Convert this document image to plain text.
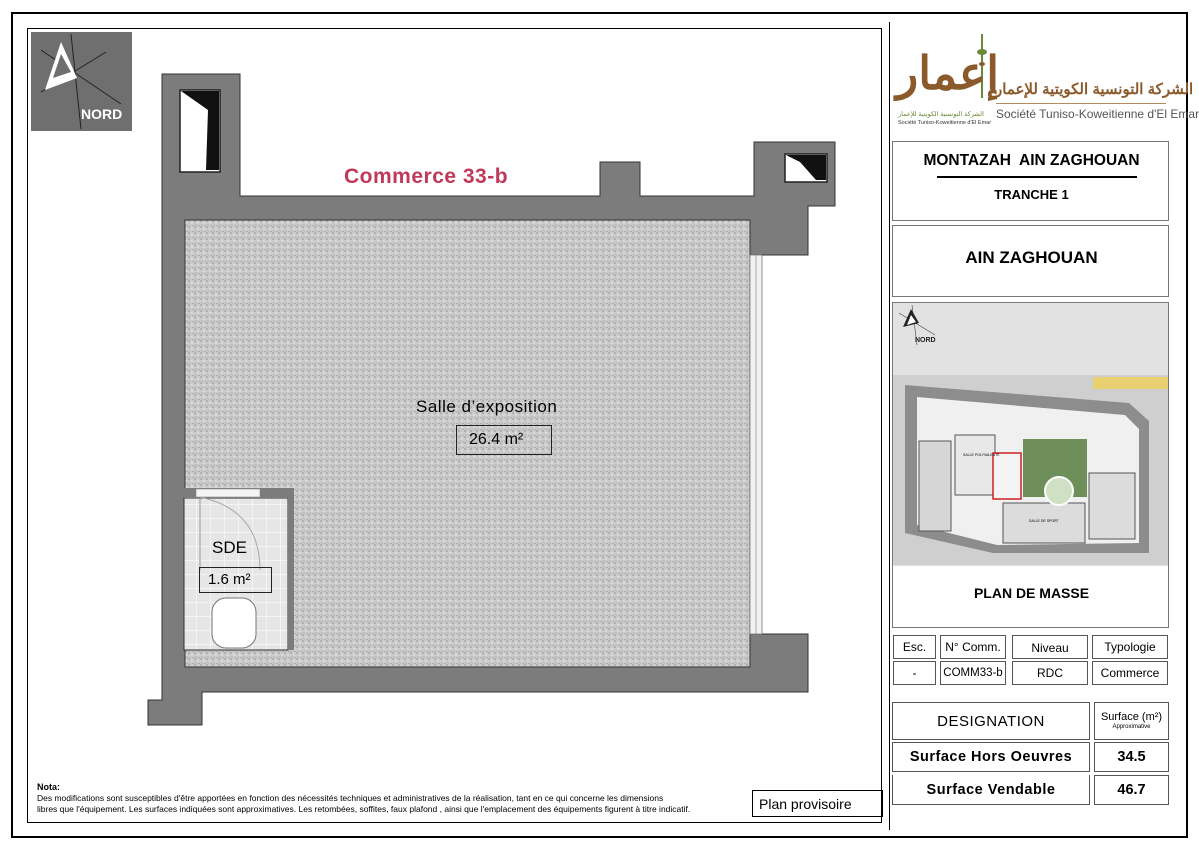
NORD
Commerce 33-b
Salle d’exposition
26.4 m²
SDE
1.6 m²
Nota:
Des modifications sont susceptibles d'être apportées en fonction des nécessités techniques et administratives de la réalisation, tant en ce qui concerne les dimensions
libres que l'équipement. Les surfaces indiquées sont approximatives. Les retombées, soffites, faux plafond , ainsi que l'emplacement des équipements figurent à titre indicatif.	Plan provisoire
إعمار
الشركة التونسية الكويتية للإعمار
الشركة التونسية الكويتية للإعمار
Société Tuniso-Koweitienne d'El Emar
Société Tuniso-Koweitienne d'El Emar
MONTAZAH  AIN ZAGHOUAN
TRANCHE 1
AIN ZAGHOUAN
SALLE POLYVALENTE
SALLE DE SPORT
NORD
PLAN DE MASSE
Esc.	N° Comm.	Niveau	Typologie
-	COMM33-b	RDC	Commerce
DESIGNATION	Surface (m²)
Approximative
Surface Hors Oeuvres	34.5
Surface Vendable	46.7
